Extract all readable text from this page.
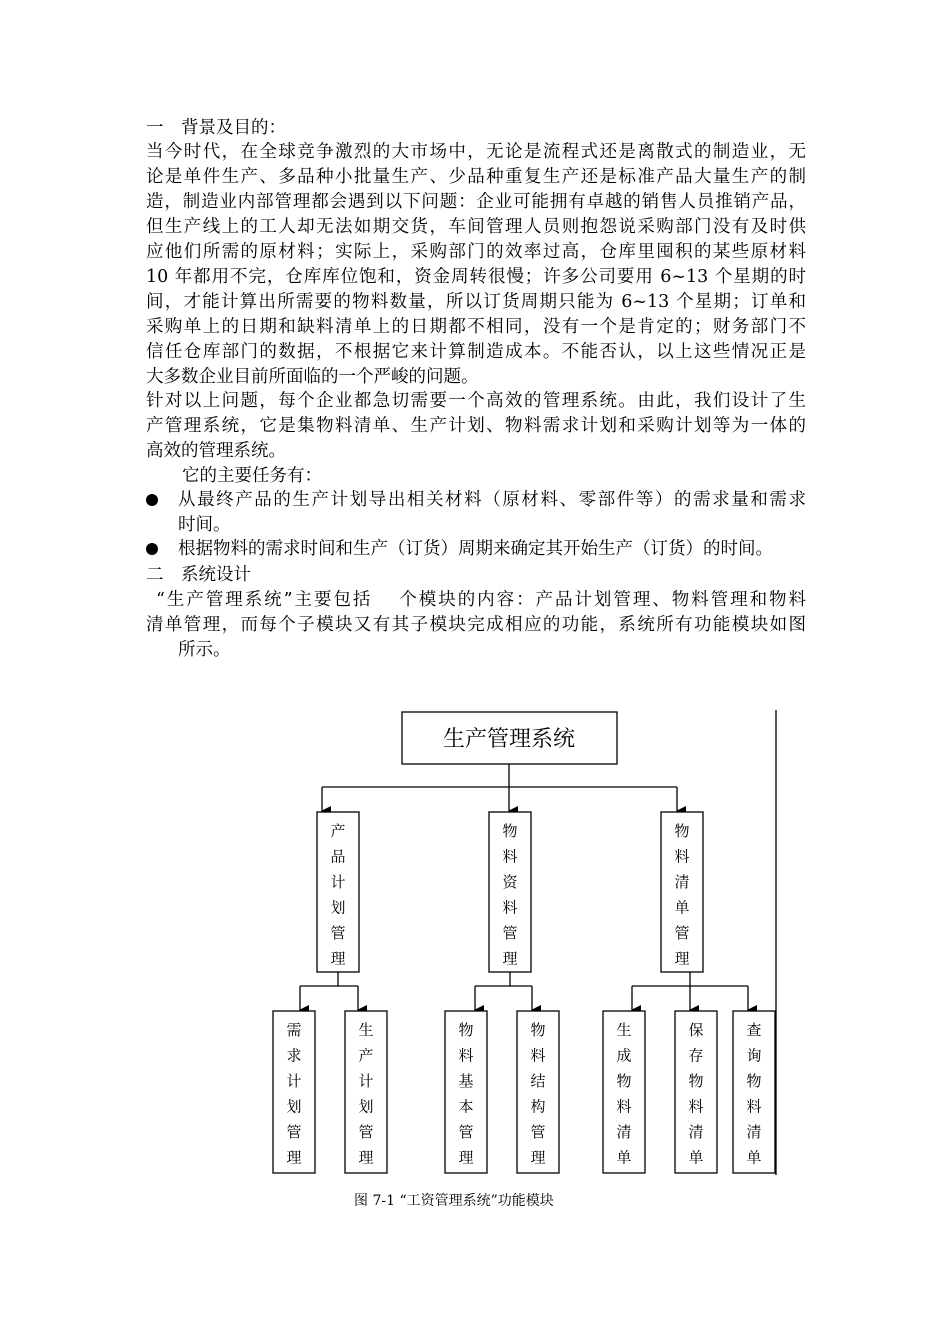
一　背景及目的：
当今时代，在全球竞争激烈的大市场中，无论是流程式还是离散式的制造业，无
论是单件生产、多品种小批量生产、少品种重复生产还是标准产品大量生产的制
造，制造业内部管理都会遇到以下问题：企业可能拥有卓越的销售人员推销产品，
但生产线上的工人却无法如期交货，车间管理人员则抱怨说采购部门没有及时供
应他们所需的原材料；实际上，采购部门的效率过高，仓库里囤积的某些原材料
10 年都用不完，仓库库位饱和，资金周转很慢；许多公司要用 6~13 个星期的时
间，才能计算出所需要的物料数量，所以订货周期只能为 6~13 个星期；订单和
采购单上的日期和缺料清单上的日期都不相同，没有一个是肯定的；财务部门不
信任仓库部门的数据，不根据它来计算制造成本。不能否认，以上这些情况正是
大多数企业目前所面临的一个严峻的问题。
针对以上问题，每个企业都急切需要一个高效的管理系统。由此，我们设计了生
产管理系统，它是集物料清单、生产计划、物料需求计划和采购计划等为一体的
高效的管理系统。
它的主要任务有：
从最终产品的生产计划导出相关材料（原材料、零部件等）的需求量和需求
时间。
根据物料的需求时间和生产（订货）周期来确定其开始生产（订货）的时间。
二　系统设计
“生产管理系统”主要包括　 个模块的内容：产品计划管理、物料管理和物料
清单管理，而每个子模块又有其子模块完成相应的功能，系统所有功能模块如图
所示。
生产管理系统
产品计划管理
物料资料管理
物料清单管理
需求计划管理
生产计划管理
物料基本管理
物料结构管理
生成物料清单
保存物料清单
查询物料清单
图 7-1 “工资管理系统”功能模块
